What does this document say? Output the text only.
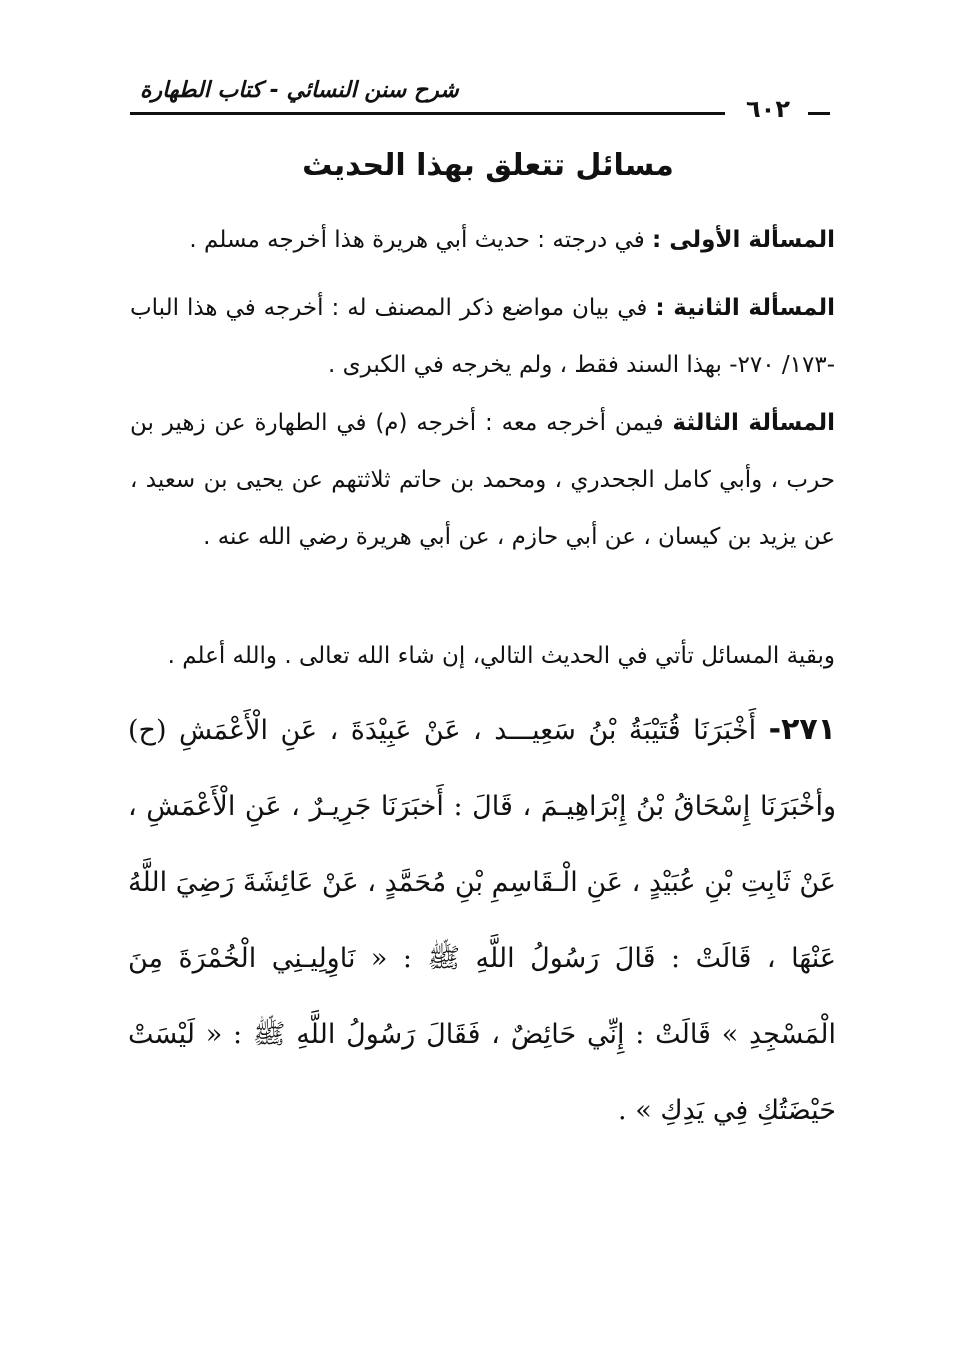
شرح سنن النسائي - كتاب الطهارة
٦٠٢
مسائل تتعلق بهذا الحديث
المسألة الأولى : في درجته : حديث أبي هريرة هذا أخرجه مسلم .
المسألة الثانية : في بيان مواضع ذكر المصنف له : أخرجه في هذا الباب -١٧٣/ ٢٧٠- بهذا السند فقط ، ولم يخرجه في الكبرى .
المسألة الثالثة فيمن أخرجه معه : أخرجه (م) في الطهارة عن زهير بن حرب ، وأبي كامل الجحدري ، ومحمد بن حاتم ثلاثتهم عن يحيى بن سعيد ، عن يزيد بن كيسان ، عن أبي حازم ، عن أبي هريرة رضي الله عنه .
وبقية المسائل تأتي في الحديث التالي، إن شاء الله تعالى . والله أعلم .
٢٧١- أَخْبَرَنَا قُتَيْبَةُ بْنُ سَعِيـــد ، عَنْ عَبِيْدَةَ ، عَنِ الْأَعْمَشِ (ح) وأخْبَرَنَا إِسْحَاقُ بْنُ إِبْرَاهِيـمَ ، قَالَ : أَخبَرَنَا جَرِيـرٌ ، عَنِ الْأَعْمَشِ ، عَنْ ثَابِتِ بْنِ عُبَيْدٍ ، عَنِ الْـقَاسِمِ بْنِ مُحَمَّدٍ ، عَنْ عَائِشَةَ رَضِيَ اللَّهُ عَنْهَا ، قَالَتْ : قَالَ رَسُولُ اللَّهِ ﷺ : « نَاوِلِيـنِي الْخُمْرَةَ مِنَ الْمَسْجِدِ » قَالَتْ : إِنِّي حَائِضٌ ، فَقَالَ رَسُولُ اللَّهِ ﷺ : « لَيْسَتْ حَيْضَتُكِ فِي يَدِكِ » .
